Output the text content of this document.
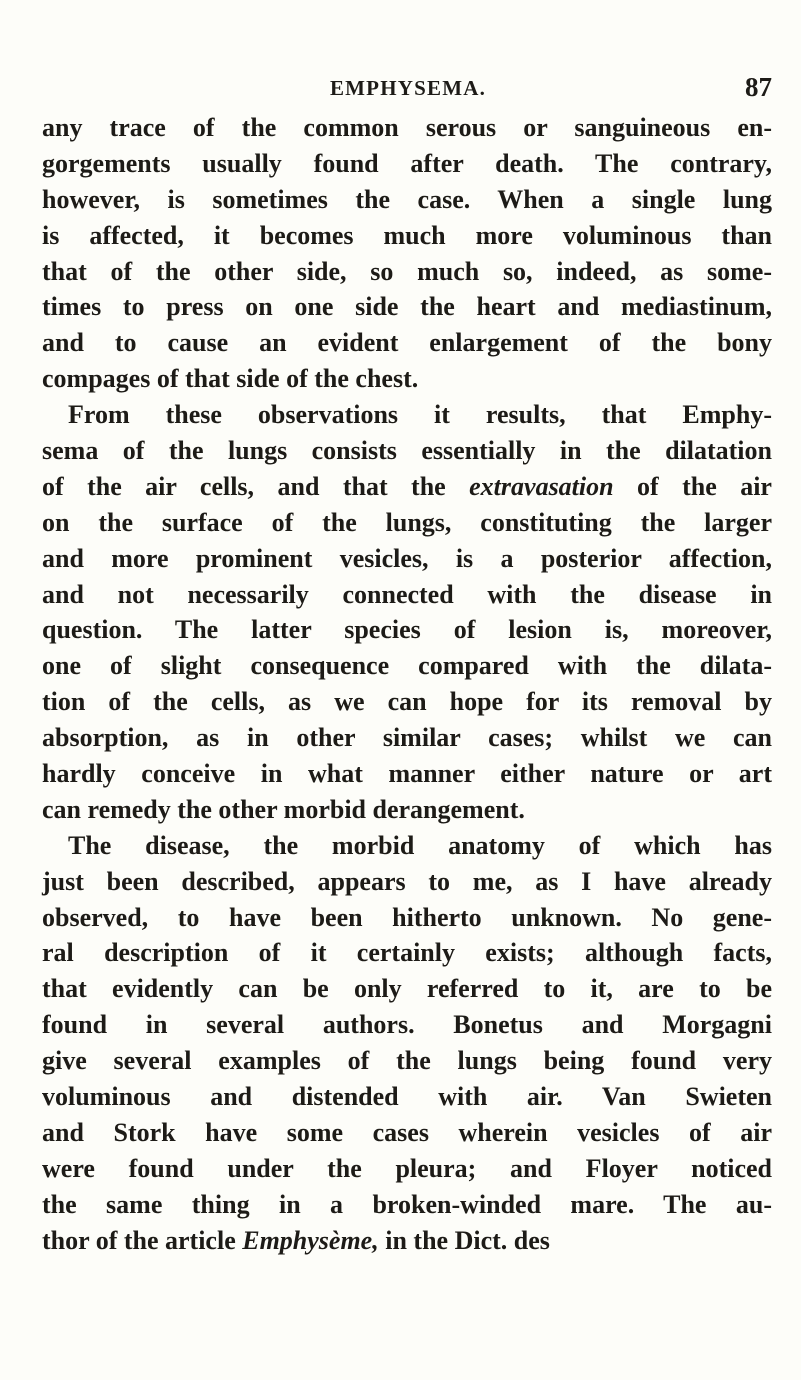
EMPHYSEMA.	87
any trace of the common serous or sanguineous en-
gorgements usually found after death. The contrary,
however, is sometimes the case. When a single lung
is affected, it becomes much more voluminous than
that of the other side, so much so, indeed, as some-
times to press on one side the heart and mediastinum,
and to cause an evident enlargement of the bony
compages of that side of the chest.
From these observations it results, that Emphy-
sema of the lungs consists essentially in the dilatation
of the air cells, and that the extravasation of the air
on the surface of the lungs, constituting the larger
and more prominent vesicles, is a posterior affection,
and not necessarily connected with the disease in
question. The latter species of lesion is, moreover,
one of slight consequence compared with the dilata-
tion of the cells, as we can hope for its removal by
absorption, as in other similar cases; whilst we can
hardly conceive in what manner either nature or art
can remedy the other morbid derangement.
The disease, the morbid anatomy of which has
just been described, appears to me, as I have already
observed, to have been hitherto unknown. No gene-
ral description of it certainly exists; although facts,
that evidently can be only referred to it, are to be
found in several authors. Bonetus and Morgagni
give several examples of the lungs being found very
voluminous and distended with air. Van Swieten
and Stork have some cases wherein vesicles of air
were found under the pleura; and Floyer noticed
the same thing in a broken-winded mare. The au-
thor of the article Emphysème, in the Dict. des
